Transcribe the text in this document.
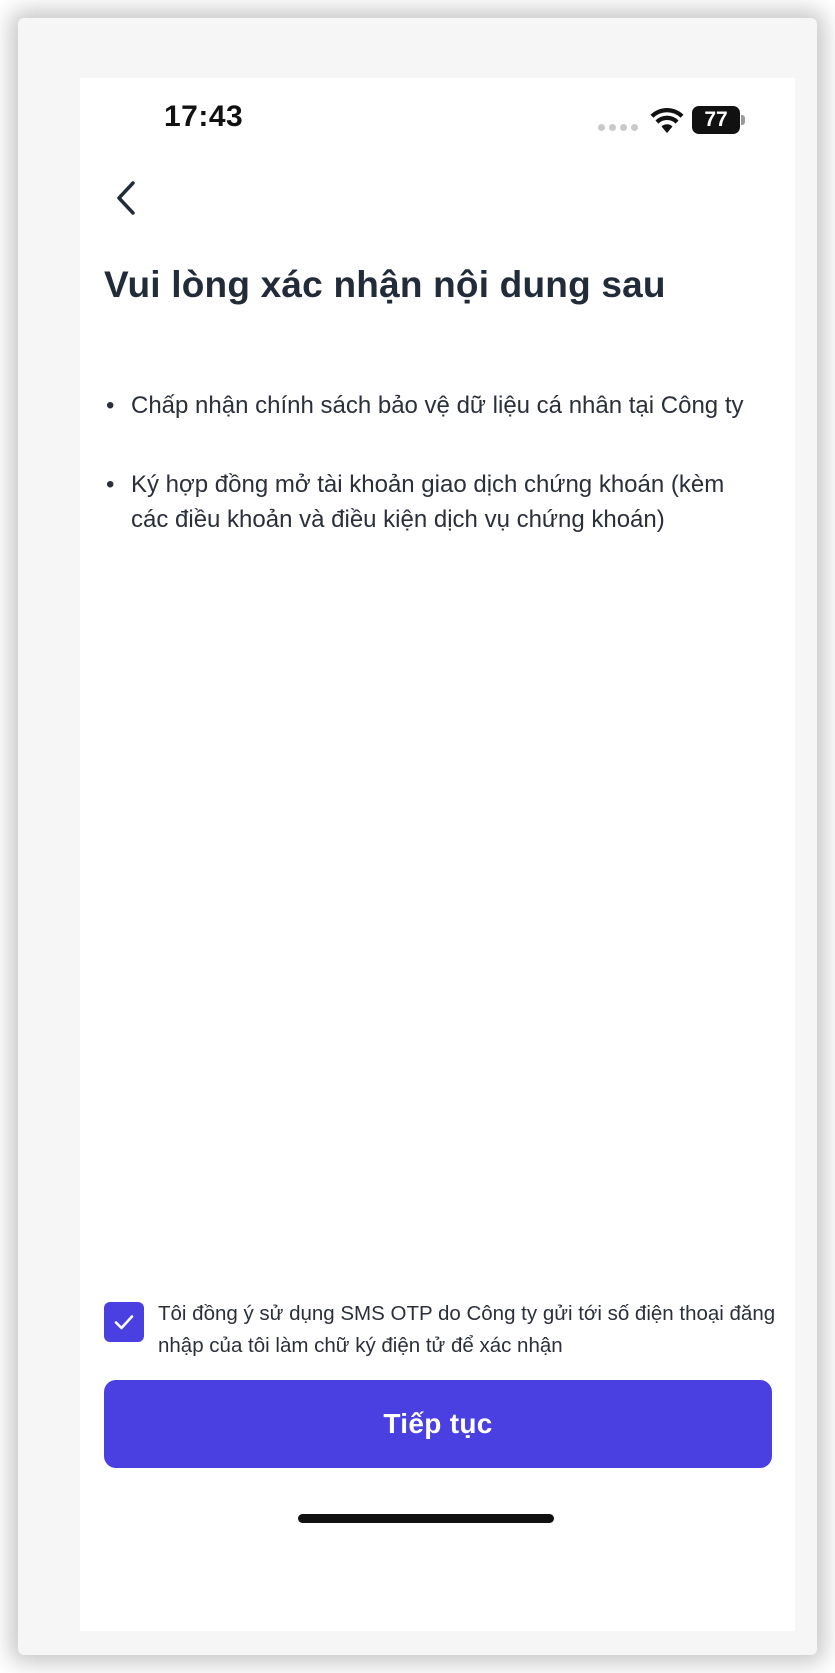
17:43	77
Vui lòng xác nhận nội dung sau
• Chấp nhận chính sách bảo vệ dữ liệu cá nhân tại Công ty
• Ký hợp đồng mở tài khoản giao dịch chứng khoán (kèm các điều khoản và điều kiện dịch vụ chứng khoán)
Tôi đồng ý sử dụng SMS OTP do Công ty gửi tới số điện thoại đăng nhập của tôi làm chữ ký điện tử để xác nhận
Tiếp tục
